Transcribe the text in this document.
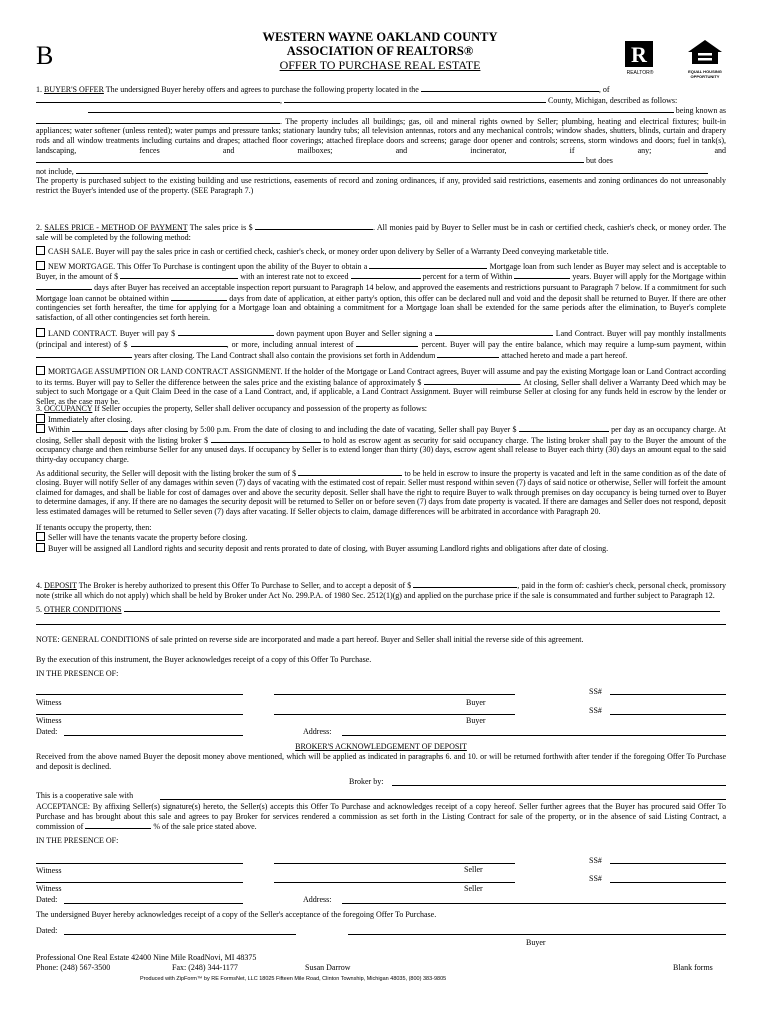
B
WESTERN WAYNE OAKLAND COUNTY
ASSOCIATION OF REALTORS®
OFFER TO PURCHASE REAL ESTATE	R
REALTOR®	EQUAL HOUSING OPPORTUNITY

1. BUYER'S OFFER The undersigned Buyer hereby offers and agrees to purchase the following property located in the	, of

,	County, Michigan, described as follows:

being known as

. The property includes all buildings; gas, oil and mineral rights owned by Seller; plumbing, heating and electrical fixtures; built-in appliances; water softener (unless rented); water pumps and pressure tanks; stationary laundry tubs; all television antennas, rotors and any mechanical controls; window shades, shutters, blinds, curtain and drapery rods and all window treatments including curtains and drapes; attached floor coverings; attached fireplace doors and screens; garage door opener and controls; screens, storm windows and doors; fuel in tank(s), landscaping, fences and mailboxes; and incinerator, if any; and  but does

not include,

The property is purchased subject to the existing building and use restrictions, easements of record and zoning ordinances, if any, provided said restrictions, easements and zoning ordinances do not unreasonably restrict the Buyer's intended use of the property. (SEE Paragraph 7.)

2. SALES PRICE - METHOD OF PAYMENT The sales price is $	. All monies paid by Buyer to Seller must be in cash or certified check, cashier's check, or money order. The sale will be completed by the following method:

CASH SALE. Buyer will pay the sales price in cash or certified check, cashier's check, or money order upon delivery by Seller of a Warranty Deed conveying marketable title.

NEW MORTGAGE. This Offer To Purchase is contingent upon the ability of the Buyer to obtain a	Mortgage loan from such lender as Buyer may select and is acceptable to Buyer, in the amount of $	with an interest rate not to exceed	percent for a term of Within	years. Buyer will apply for the Mortgage within  days after Buyer has received an acceptable inspection report pursuant to Paragraph 14 below, and approved the easements and restrictions pursuant to Paragraph 7 below. If a commitment for such Mortgage loan cannot be obtained within	days from date of application, at either party's option, this offer can be declared null and void and the deposit shall be returned to Buyer. If there are other contingencies set forth hereafter, the time for applying for a Mortgage loan and obtaining a commitment for a Mortgage loan shall be extended for the same periods after the elimination, to Buyer's complete satisfaction, of all other contingencies set forth herein.

LAND CONTRACT. Buyer will pay $	down payment upon Buyer and Seller signing a	Land Contract. Buyer will pay monthly installments (principal and interest) of $	, or more, including annual interest of	percent. Buyer will pay the entire balance, which may require a lump-sum payment, within  years after closing. The Land Contract shall also contain the provisions set forth in Addendum	attached hereto and made a part hereof.

MORTGAGE ASSUMPTION OR LAND CONTRACT ASSIGNMENT. If the holder of the Mortgage or Land Contract agrees, Buyer will assume and pay the existing Mortgage loan or Land Contract according to its terms. Buyer will pay to Seller the difference between the sales price and the existing balance of approximately $	. At closing, Seller shall deliver a Warranty Deed which may be subject to such Mortgage or a Quit Claim Deed in the case of a Land Contract, and, if applicable, a Land Contract Assignment. Buyer will reimburse Seller at closing for any funds held in escrow by the lender or Seller, as the case may be.

3. OCCUPANCY If Seller occupies the property, Seller shall deliver occupancy and possession of the property as follows:

Immediately after closing.

Within	days after closing by 5:00 p.m. From the date of closing to and including the date of vacating, Seller shall pay Buyer $	per day as an occupancy charge. At closing, Seller shall deposit with the listing broker $	to hold as escrow agent as security for said occupancy charge. The listing broker shall pay to the Buyer the amount of the occupancy charge and then reimburse Seller for any unused days. If occupancy by Seller is to extend longer than thirty (30) days, escrow agent shall release to Buyer each thirty (30) days an amount equal to the said thirty-day occupancy charge.

As additional security, the Seller will deposit with the listing broker the sum of $	to be held in escrow to insure the property is vacated and left in the same condition as of the date of closing. Buyer will notify Seller of any damages within seven (7) days of vacating with the estimated cost of repair. Seller must respond within seven (7) days of said notice or otherwise, Seller will forfeit the amount claimed for damages, and shall be liable for cost of damages over and above the security deposit. Seller shall have the right to require Buyer to walk through premises on day occupancy is being turned over to Buyer to determine damages, if any. If there are no damages the security deposit will be returned to Seller on or before seven (7) days from date property is vacated. If there are damages and Seller does not respond, deposit less estimated damages will be returned to Seller seven (7) days after vacating. If Seller objects to claim, damage differences will be arbitrated in accordance with Paragraph 20.

If tenants occupy the property, then:

Seller will have the tenants vacate the property before closing.

Buyer will be assigned all Landlord rights and security deposit and rents prorated to date of closing, with Buyer assuming Landlord rights and obligations after date of closing.

4. DEPOSIT The Broker is hereby authorized to present this Offer To Purchase to Seller, and to accept a deposit of $	, paid in the form of: cashier's check, personal check, promissory note (strike all which do not apply) which shall be held by Broker under Act No. 299.P.A. of 1980 Sec. 2512(1)(g) and applied on the purchase price if the sale is consummated and further subject to Paragraph 12.

5. OTHER CONDITIONS

NOTE: GENERAL CONDITIONS of sale printed on reverse side are incorporated and made a part hereof. Buyer and Seller shall initial the reverse side of this agreement.
By the execution of this instrument, the Buyer acknowledges receipt of a copy of this Offer To Purchase.
IN THE PRESENCE OF:
SS#
Witness	Buyer
SS#
Witness	Buyer
Dated:	Address:
BROKER'S ACKNOWLEDGEMENT OF DEPOSIT
Received from the above named Buyer the deposit money above mentioned, which will be applied as indicated in paragraphs 6. and 10. or will be returned forthwith after tender if the foregoing Offer To Purchase and deposit is declined.
Broker by:
This is a cooperative sale with
ACCEPTANCE: By affixing Seller(s) signature(s) hereto, the Seller(s) accepts this Offer To Purchase and acknowledges receipt of a copy hereof. Seller further agrees that the Buyer has procured said Offer To Purchase and has brought about this sale and agrees to pay Broker for services rendered a commission as set forth in the Listing Contract for sale of the property, or in the absence of said Listing Contract, a commission of	% of the sale price stated above.
IN THE PRESENCE OF:
SS#
Witness	Seller
SS#
Witness	Seller
Dated:	Address:
The undersigned Buyer hereby acknowledges receipt of a copy of the Seller's acceptance of the foregoing Offer To Purchase.
Dated:
Buyer
Professional One Real Estate 42400 Nine Mile RoadNovi, MI 48375
Phone: (248) 567-3500	Fax: (248) 344-1177	Susan Darrow	Blank forms
Produced with ZipForm™ by RE FormsNet, LLC 18025 Fifteen Mile Road, Clinton Township, Michigan 48035, (800) 383-9805
